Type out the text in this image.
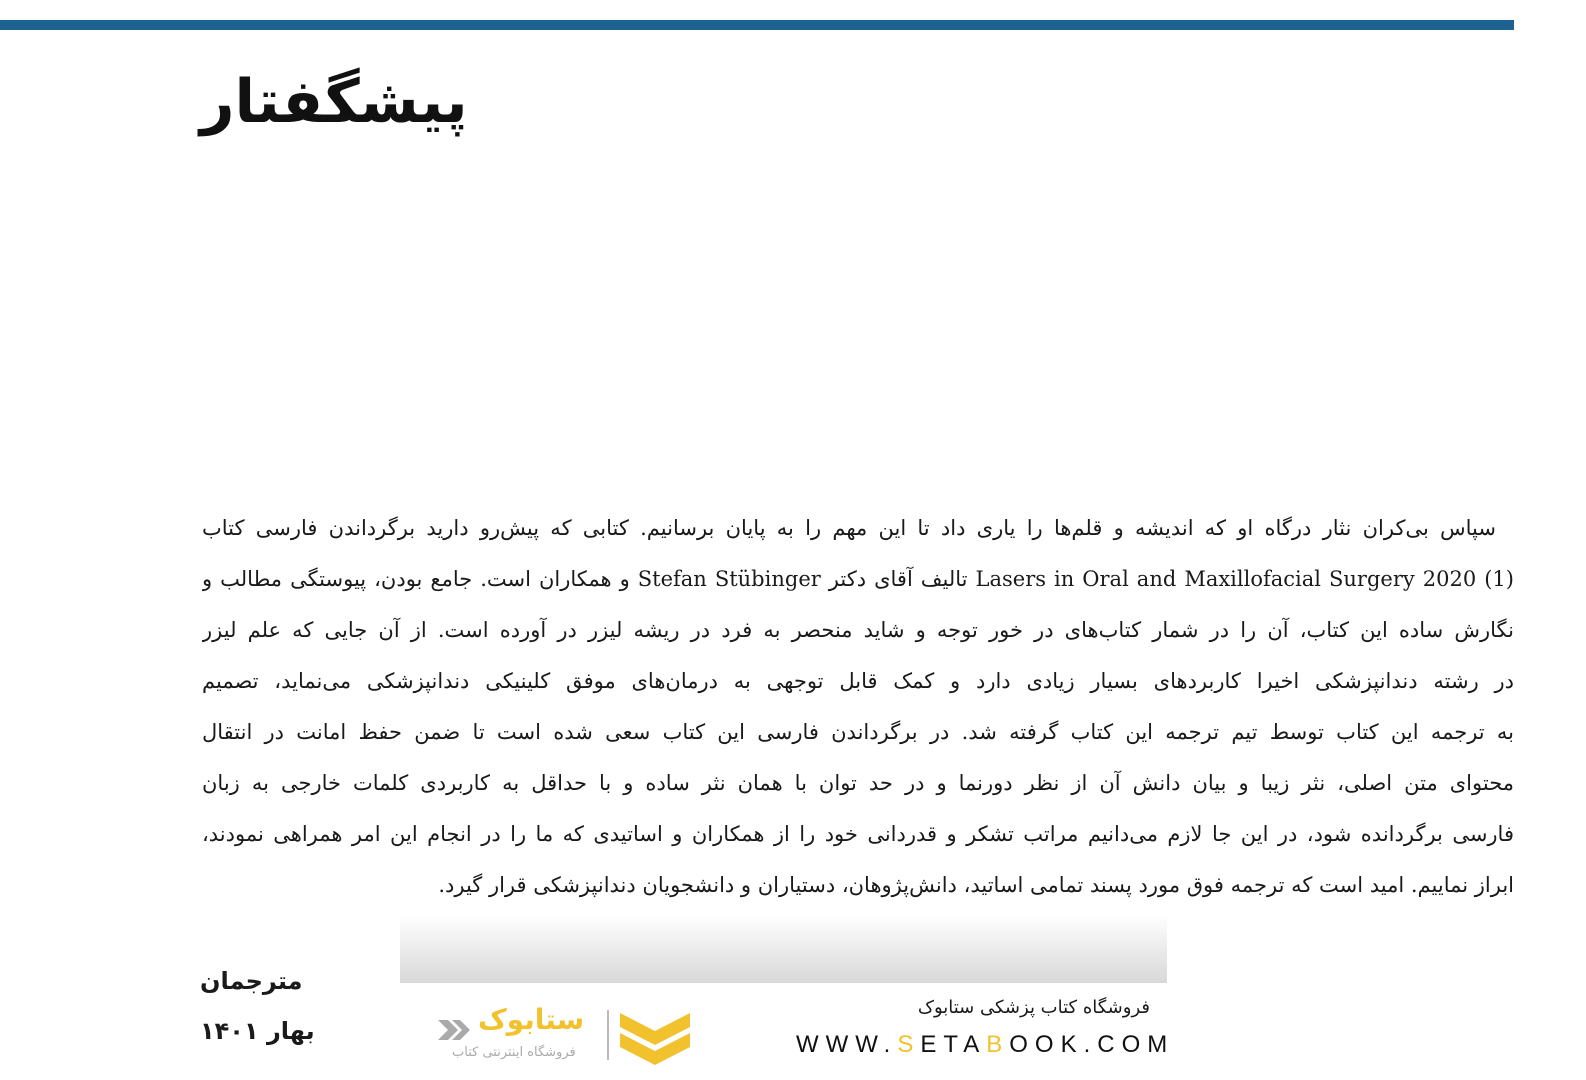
پیشگفتار
سپاس بی‌کران نثار درگاه او که اندیشه و قلم‌ها را یاری داد تا این مهم را به پایان برسانیم. کتابی که پیش‌رو دارید برگرداندن فارسی کتاب
(1) Lasers in Oral and Maxillofacial Surgery 2020 تالیف آقای دکتر Stefan Stübinger و همکاران است. جامع بودن، پیوستگی مطالب و
نگارش ساده این کتاب، آن را در شمار کتاب‌های در خور توجه و شاید منحصر به فرد در ریشه لیزر در آورده است. از آن جایی که علم لیزر
در رشته دندانپزشکی اخیرا کاربردهای بسیار زیادی دارد و کمک قابل توجهی به درمان‌های موفق کلینیکی دندانپزشکی می‌نماید، تصمیم
به ترجمه این کتاب توسط تیم ترجمه این کتاب گرفته شد. در برگرداندن فارسی این کتاب سعی شده است تا ضمن حفظ امانت در انتقال
محتوای متن اصلی، نثر زیبا و بیان دانش آن از نظر دورنما و در حد توان با همان نثر ساده و با حداقل به کاربردی کلمات خارجی به زبان
فارسی برگردانده شود، در این جا لازم می‌دانیم مراتب تشکر و قدردانی خود را از همکاران و اساتیدی که ما را در انجام این امر همراهی نمودند،
ابراز نماییم. امید است که ترجمه فوق مورد پسند تمامی اساتید، دانش‌پژوهان، دستیاران و دانشجویان دندانپزشکی قرار گیرد.
مترجمان
بهار ۱۴۰۱
فروشگاه کتاب پزشکی ستابوک
WWW.SETABOOK.COM
ستابوک
فروشگاه اینترنتی کتاب
